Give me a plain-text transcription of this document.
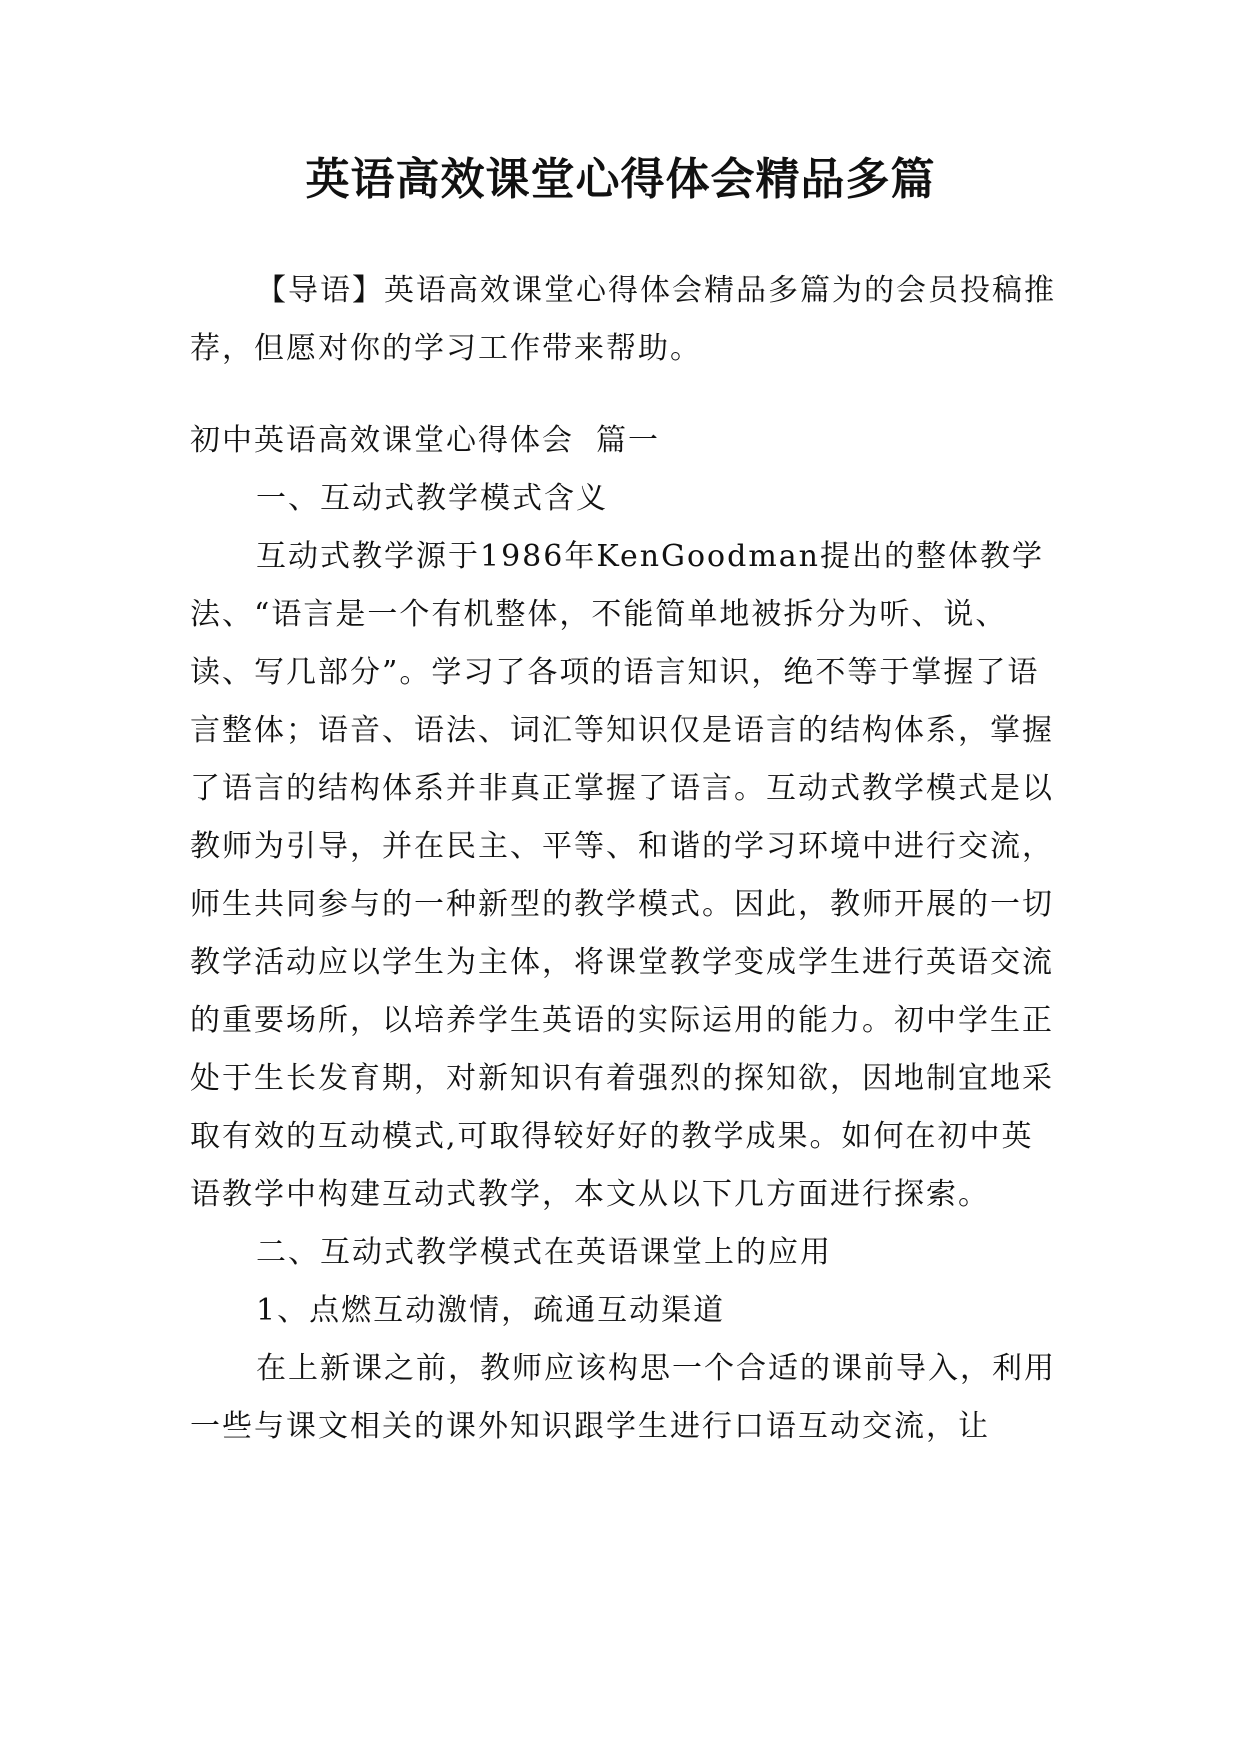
英语高效课堂心得体会精品多篇

【导语】英语高效课堂心得体会精品多篇为的会员投稿推荐，但愿对你的学习工作带来帮助。

初中英语高效课堂心得体会 篇一

一、互动式教学模式含义

互动式教学源于1986年KenGoodman提出的整体教学法、“语言是一个有机整体，不能简单地被拆分为听、说、读、写几部分”。学习了各项的语言知识，绝不等于掌握了语言整体；语音、语法、词汇等知识仅是语言的结构体系，掌握了语言的结构体系并非真正掌握了语言。互动式教学模式是以教师为引导，并在民主、平等、和谐的学习环境中进行交流，师生共同参与的一种新型的教学模式。因此，教师开展的一切教学活动应以学生为主体，将课堂教学变成学生进行英语交流的重要场所，以培养学生英语的实际运用的能力。初中学生正处于生长发育期，对新知识有着强烈的探知欲，因地制宜地采取有效的互动模式,可取得较好好的教学成果。如何在初中英语教学中构建互动式教学，本文从以下几方面进行探索。

二、互动式教学模式在英语课堂上的应用

1、点燃互动激情，疏通互动渠道

在上新课之前，教师应该构思一个合适的课前导入，利用一些与课文相关的课外知识跟学生进行口语互动交流，让
